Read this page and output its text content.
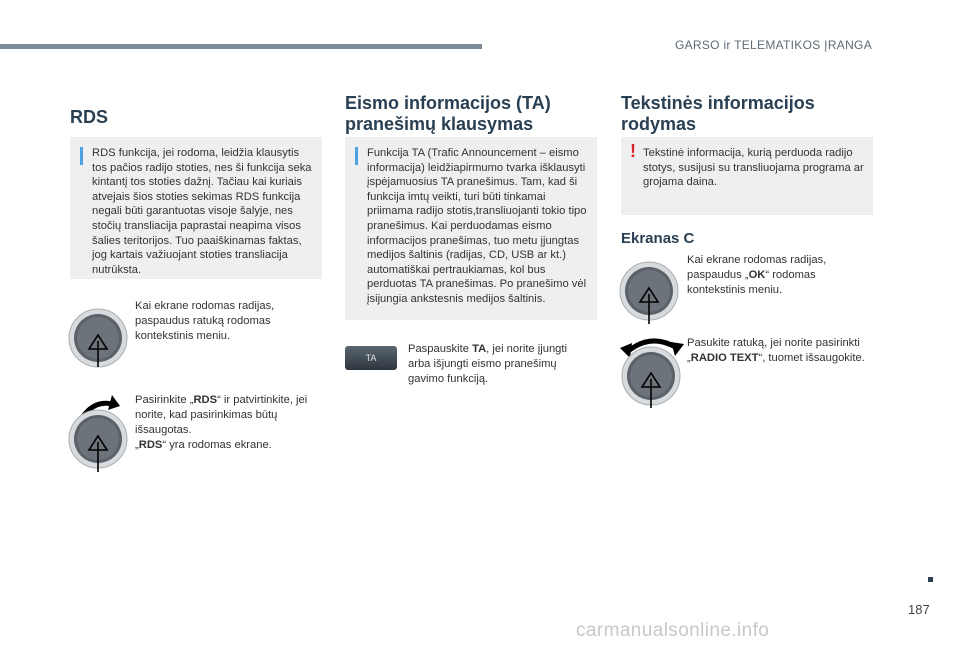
GARSO ir TELEMATIKOS ĮRANGA
RDS
RDS funkcija, jei rodoma, leidžia klausytis tos pačios radijo stoties, nes ši funkcija seka kintantį tos stoties dažnį. Tačiau kai kuriais atvejais šios stoties sekimas RDS funkcija negali būti garantuotas visoje šalyje, nes stočių transliacija paprastai neapima visos šalies teritorijos. Tuo paaiškinamas faktas, jog kartais važiuojant stoties transliacija nutrūksta.
Kai ekrane rodomas radijas, paspaudus ratuką rodomas kontekstinis meniu.
Pasirinkite „RDS“ ir patvirtinkite, jei norite, kad pasirinkimas būtų išsaugotas.
„RDS“ yra rodomas ekrane.
Eismo informacijos (TA)
pranešimų klausymas
Funkcija TA (Trafic Announcement – eismo informacija) leidžiapirmumo tvarka išklausyti įspėjamuosius TA pranešimus. Tam, kad ši funkcija imtų veikti, turi būti tinkamai priimama radijo stotis,transliuojanti tokio tipo pranešimus. Kai perduodamas eismo informacijos pranešimas, tuo metu įjungtas medijos šaltinis (radijas, CD, USB ar kt.) automatiškai pertraukiamas, kol bus perduotas TA pranešimas. Po pranešimo vėl įsijungia ankstesnis medijos šaltinis.
TA
Paspauskite TA, jei norite įjungti arba išjungti eismo pranešimų gavimo funkciją.
Tekstinės informacijos
rodymas
! Tekstinė informacija, kurią perduoda radijo stotys, susijusi su transliuojama programa ar grojama daina.
Ekranas C
Kai ekrane rodomas radijas, paspaudus „OK“ rodomas kontekstinis meniu.
Pasukite ratuką, jei norite pasirinkti „RADIO TEXT“, tuomet išsaugokite.
187
carmanualsonline.info
